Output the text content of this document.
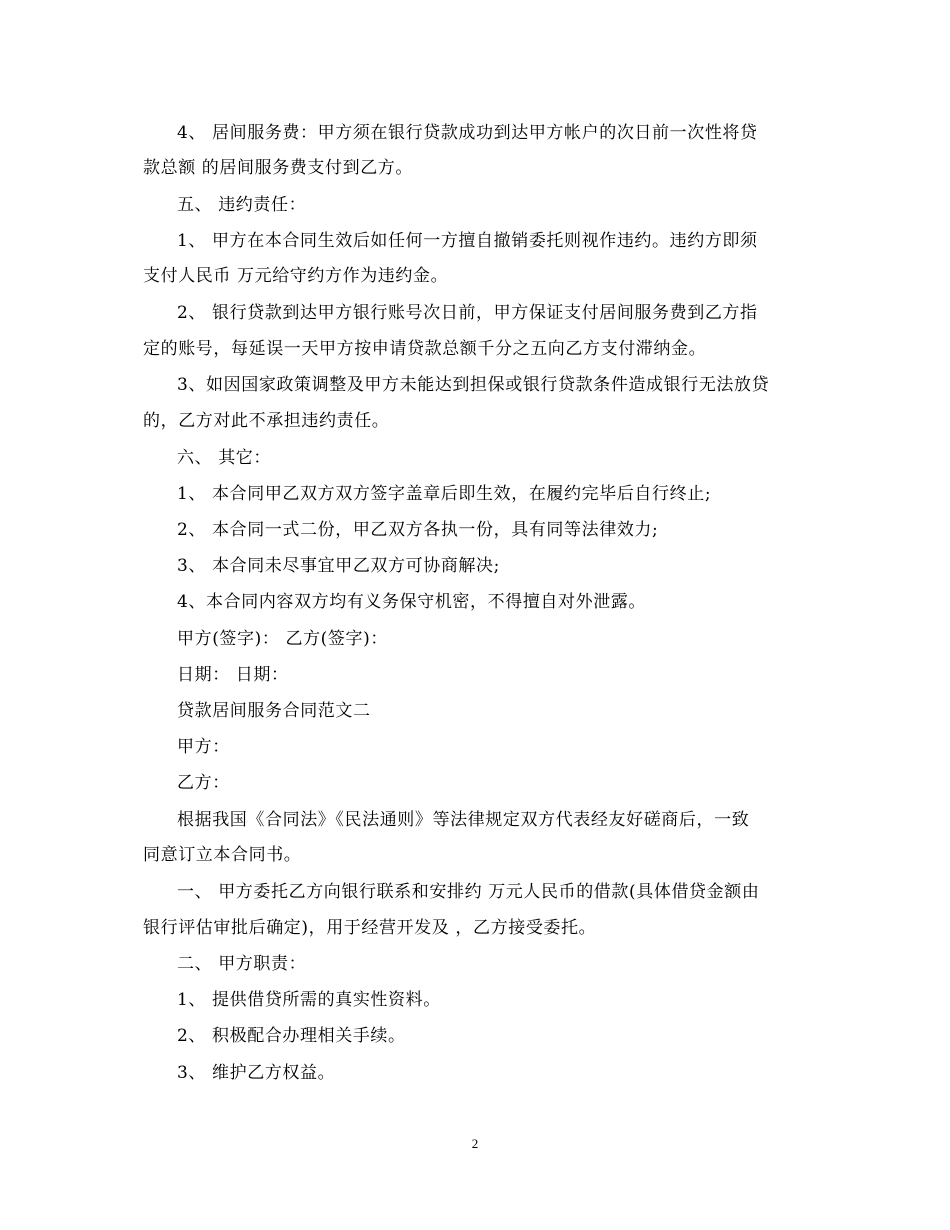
4、 居间服务费：甲方须在银行贷款成功到达甲方帐户的次日前一次性将贷
款总额 的居间服务费支付到乙方。
五、 违约责任：
1、 甲方在本合同生效后如任何一方擅自撤销委托则视作违约。违约方即须
支付人民币 万元给守约方作为违约金。
2、 银行贷款到达甲方银行账号次日前，甲方保证支付居间服务费到乙方指
定的账号，每延误一天甲方按申请贷款总额千分之五向乙方支付滞纳金。
3、如因国家政策调整及甲方未能达到担保或银行贷款条件造成银行无法放贷
的，乙方对此不承担违约责任。
六、 其它：
1、 本合同甲乙双方双方签字盖章后即生效，在履约完毕后自行终止;
2、 本合同一式二份，甲乙双方各执一份，具有同等法律效力;
3、 本合同未尽事宜甲乙双方可协商解决;
4、本合同内容双方均有义务保守机密，不得擅自对外泄露。
甲方(签字)： 乙方(签字)：
日期： 日期：
贷款居间服务合同范文二
甲方：
乙方：
根据我国《合同法》《民法通则》等法律规定双方代表经友好磋商后，一致
同意订立本合同书。
一、 甲方委托乙方向银行联系和安排约 万元人民币的借款(具体借贷金额由
银行评估审批后确定)，用于经营开发及 ，乙方接受委托。
二、 甲方职责：
1、 提供借贷所需的真实性资料。
2、 积极配合办理相关手续。
3、 维护乙方权益。
2
